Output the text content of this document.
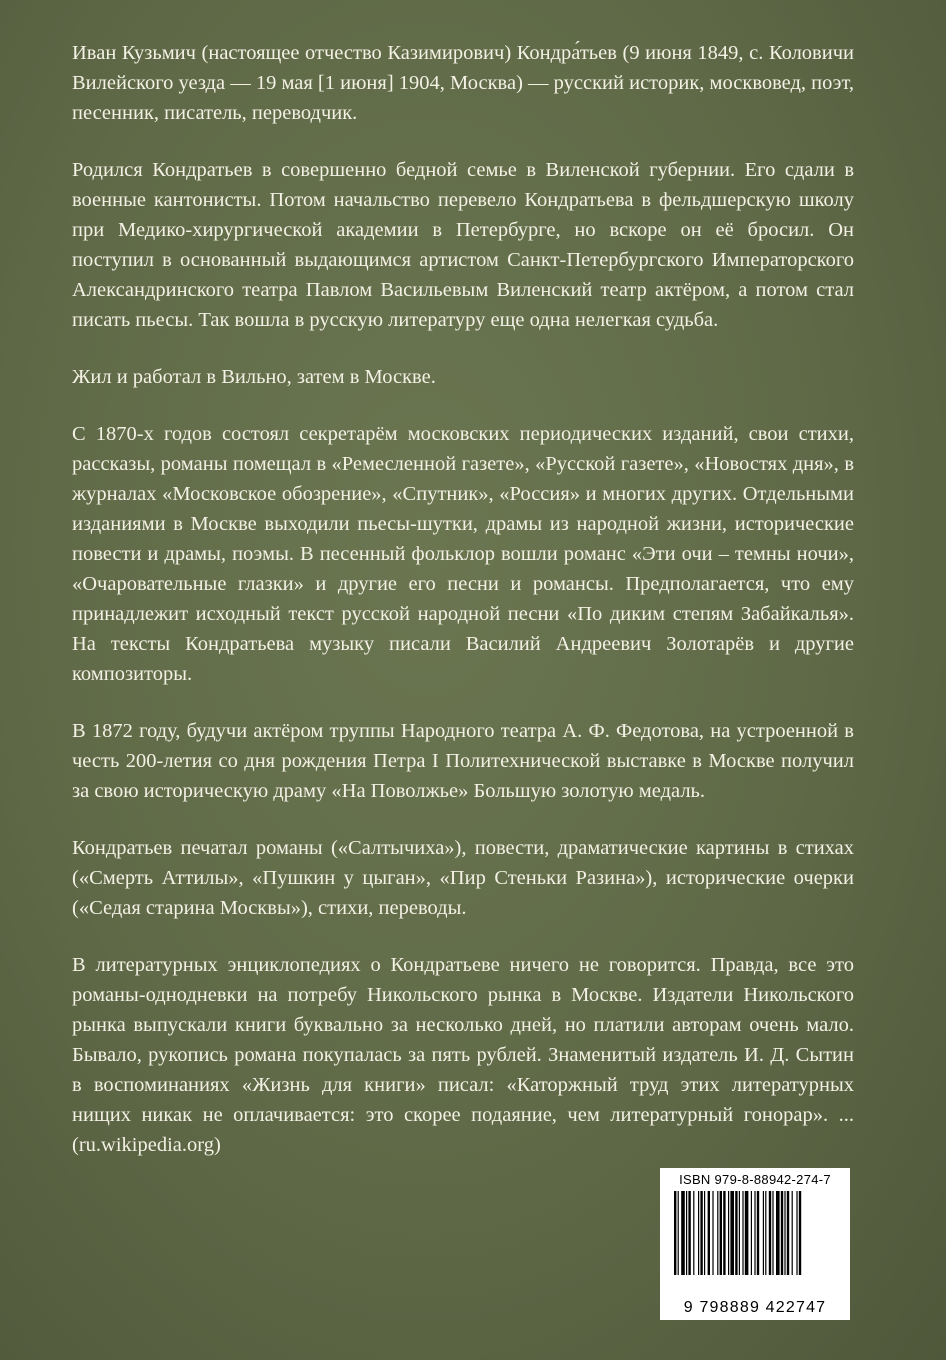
Иван Кузьмич (настоящее отчество Казимирович) Кондра́тьев (9 июня 1849, с. Коловичи Вилейского уезда — 19 мая [1 июня] 1904, Москва) — русский историк, москвовед, поэт, песенник, писатель, переводчик.

Родился Кондратьев в совершенно бедной семье в Виленской губернии. Его сдали в военные кантонисты. Потом начальство перевело Кондратьева в фельдшерскую школу при Медико-хирургической академии в Петербурге, но вскоре он её бросил. Он поступил в основанный выдающимся артистом Санкт-Петербургского Императорского Александринского театра Павлом Васильевым Виленский театр актёром, а потом стал писать пьесы. Так вошла в русскую литературу еще одна нелегкая судьба.

Жил и работал в Вильно, затем в Москве.

С 1870-х годов состоял секретарём московских периодических изданий, свои стихи, рассказы, романы помещал в «Ремесленной газете», «Русской газете», «Новостях дня», в журналах «Московское обозрение», «Спутник», «Россия» и многих других. Отдельными изданиями в Москве выходили пьесы-шутки, драмы из народной жизни, исторические повести и драмы, поэмы. В песенный фольклор вошли романс «Эти очи – темны ночи», «Очаровательные глазки» и другие его песни и романсы. Предполагается, что ему принадлежит исходный текст русской народной песни «По диким степям Забайкалья». На тексты Кондратьева музыку писали Василий Андреевич Золотарёв и другие композиторы.

В 1872 году, будучи актёром труппы Народного театра А. Ф. Федотова, на устроенной в честь 200-летия со дня рождения Петра I Политехнической выставке в Москве получил за свою историческую драму «На Поволжье» Большую золотую медаль.

Кондратьев печатал романы («Салтычиха»), повести, драматические картины в стихах («Смерть Аттилы», «Пушкин у цыган», «Пир Стеньки Разина»), исторические очерки («Седая старина Москвы»), стихи, переводы.

В литературных энциклопедиях о Кондратьеве ничего не говорится. Правда, все это романы-однодневки на потребу Никольского рынка в Москве. Издатели Никольского рынка выпускали книги буквально за несколько дней, но платили авторам очень мало. Бывало, рукопись романа покупалась за пять рублей. Знаменитый издатель И. Д. Сытин в воспоминаниях «Жизнь для книги» писал: «Каторжный труд этих литературных нищих никак не оплачивается: это скорее подаяние, чем литературный гонорар». ...(ru.wikipedia.org)

ISBN 979-8-88942-274-7
9 798889 422747
